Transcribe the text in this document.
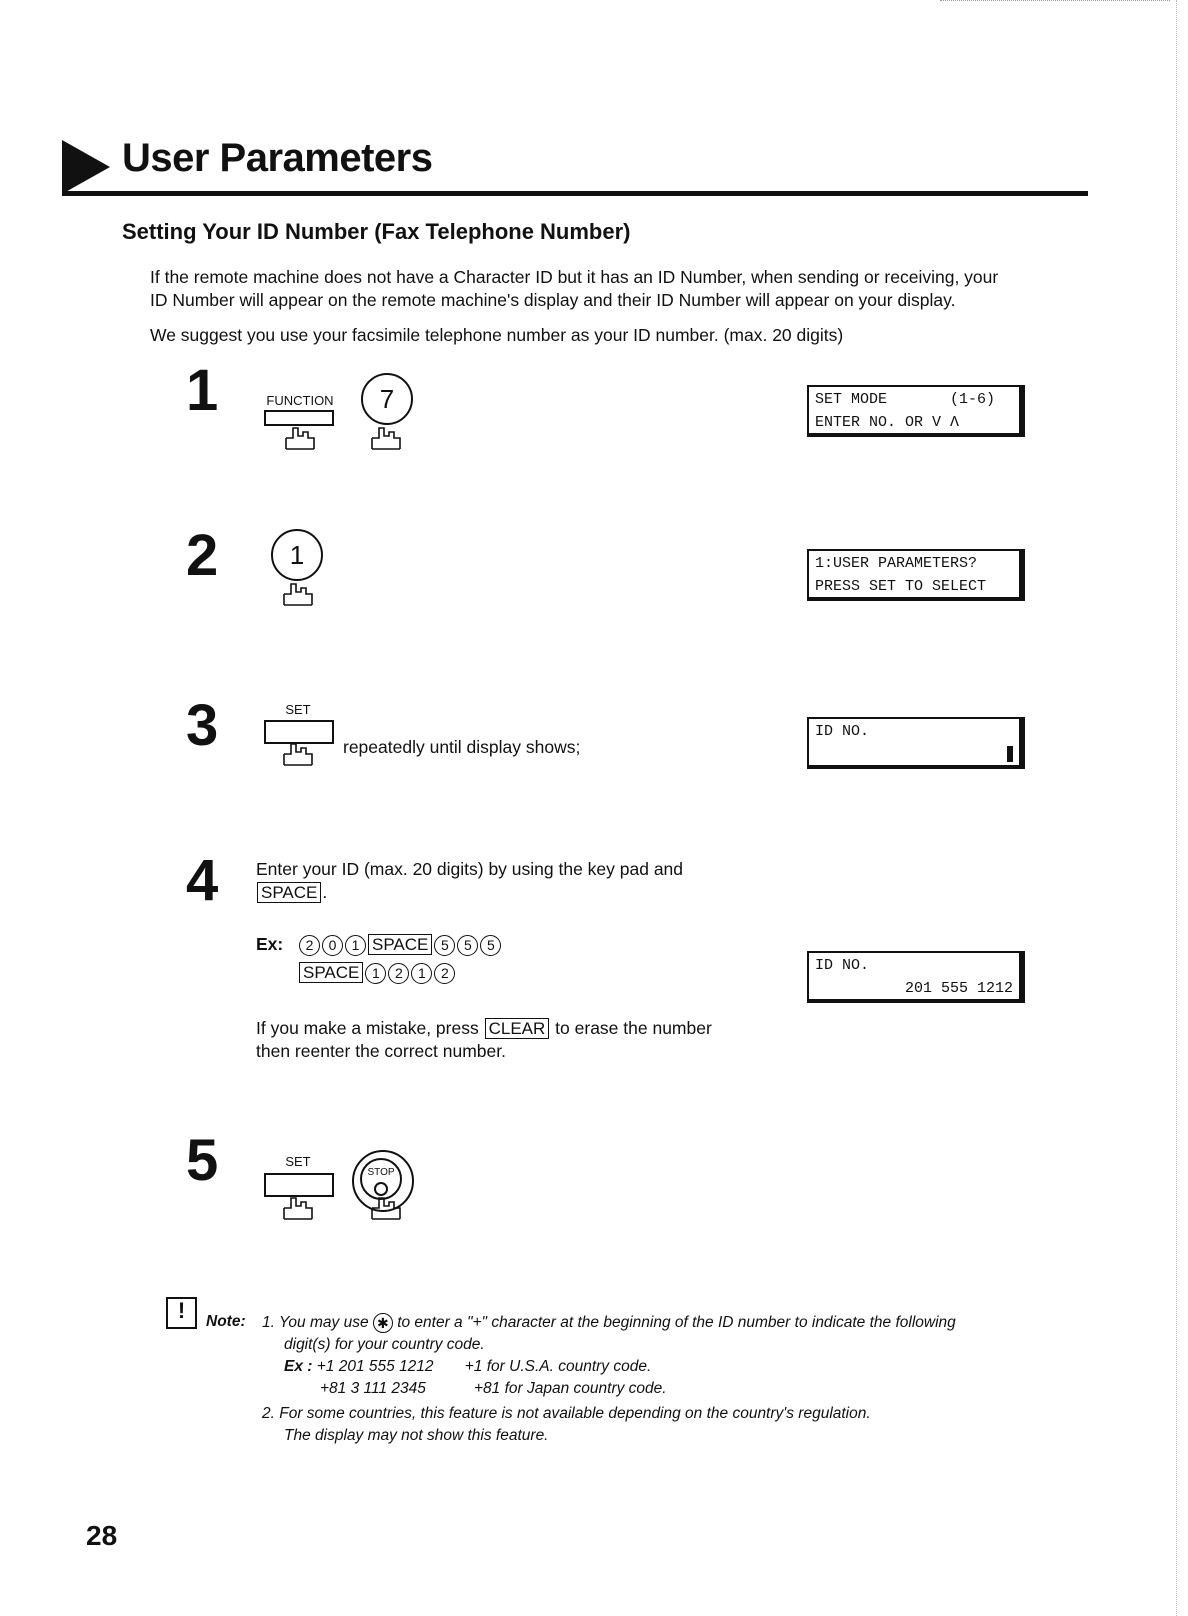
User Parameters
Setting Your ID Number (Fax Telephone Number)
If the remote machine does not have a Character ID but it has an ID Number, when sending or receiving, your
ID Number will appear on the remote machine's display and their ID Number will appear on your display.
We suggest you use your facsimile telephone number as your ID number. (max. 20 digits)
1	FUNCTION 7	SET MODE       (1-6)
ENTER NO. OR V Λ
2	1	1:USER PARAMETERS?
PRESS SET TO SELECT
3	SET
repeatedly until display shows;
ID NO.
4 Enter your ID (max. 20 digits) by using the key pad and
SPACE .
Ex:	2 0 1 SPACE 5 5 5
SPACE 1 2 1 2	ID NO.
201 555 1212
If you make a mistake, press CLEAR to erase the number
then reenter the correct number.
5	SET
STOP
!	Note: 1. You may use ✱ to enter a "+" character at the beginning of the ID number to indicate the following
digit(s) for your country code.
Ex : +1 201 555 1212 +1 for U.S.A. country code.
+81 3 111 2345	+81 for Japan country code.
2. For some countries, this feature is not available depending on the country's regulation.
The display may not show this feature.
28
